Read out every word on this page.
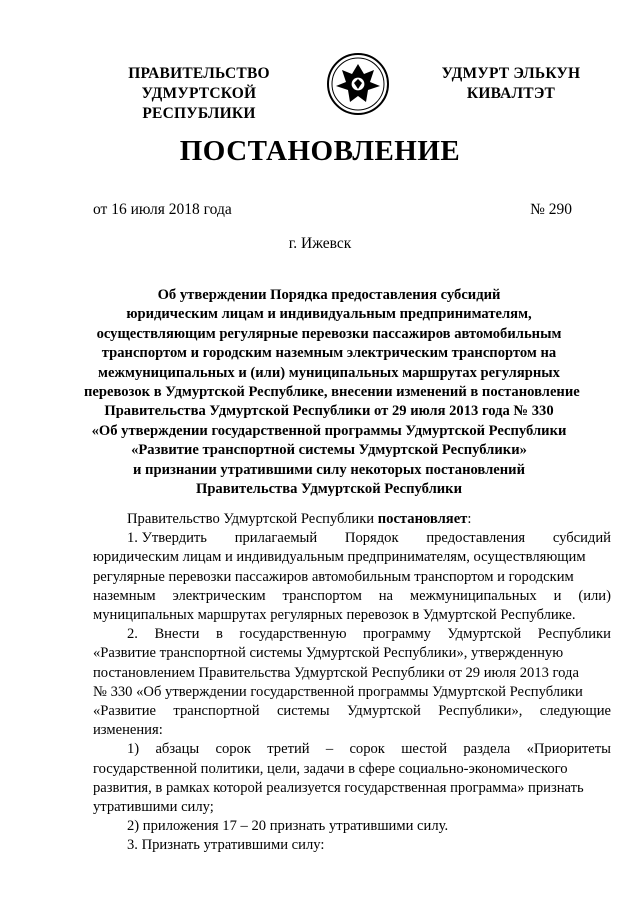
ПРАВИТЕЛЬСТВО
УДМУРТСКОЙ РЕСПУБЛИКИ
УДМУРТ ЭЛЬКУН
КИВАЛТЭТ
ПОСТАНОВЛЕНИЕ
от 16 июля 2018 года	№ 290
г. Ижевск
Об утверждении Порядка предоставления субсидий
юридическим лицам и индивидуальным предпринимателям,
осуществляющим регулярные перевозки пассажиров автомобильным
транспортом и городским наземным электрическим транспортом на
межмуниципальных и (или) муниципальных маршрутах регулярных
перевозок в Удмуртской Республике, внесении изменений в постановление
Правительства Удмуртской Республики от 29 июля 2013 года № 330
«Об утверждении государственной программы Удмуртской Республики
«Развитие транспортной системы Удмуртской Республики»
и признании утратившими силу некоторых постановлений
Правительства Удмуртской Республики
Правительство Удмуртской Республики постановляет :
1. Утвердить прилагаемый Порядок предоставления субсидий
юридическим лицам и индивидуальным предпринимателям, осуществляющим
регулярные перевозки пассажиров автомобильным транспортом и городским
наземным электрическим транспортом на межмуниципальных и (или)
муниципальных маршрутах регулярных перевозок в Удмуртской Республике.
2. Внести в государственную программу Удмуртской Республики
«Развитие транспортной системы Удмуртской Республики», утвержденную
постановлением Правительства Удмуртской Республики от 29 июля 2013 года
№ 330 «Об утверждении государственной программы Удмуртской Республики
«Развитие транспортной системы Удмуртской Республики», следующие
изменения:
1) абзацы сорок третий – сорок шестой раздела «Приоритеты
государственной политики, цели, задачи в сфере социально-экономического
развития, в рамках которой реализуется государственная программа» признать
утратившими силу;
2) приложения 17 – 20 признать утратившими силу.
3. Признать утратившими силу:
